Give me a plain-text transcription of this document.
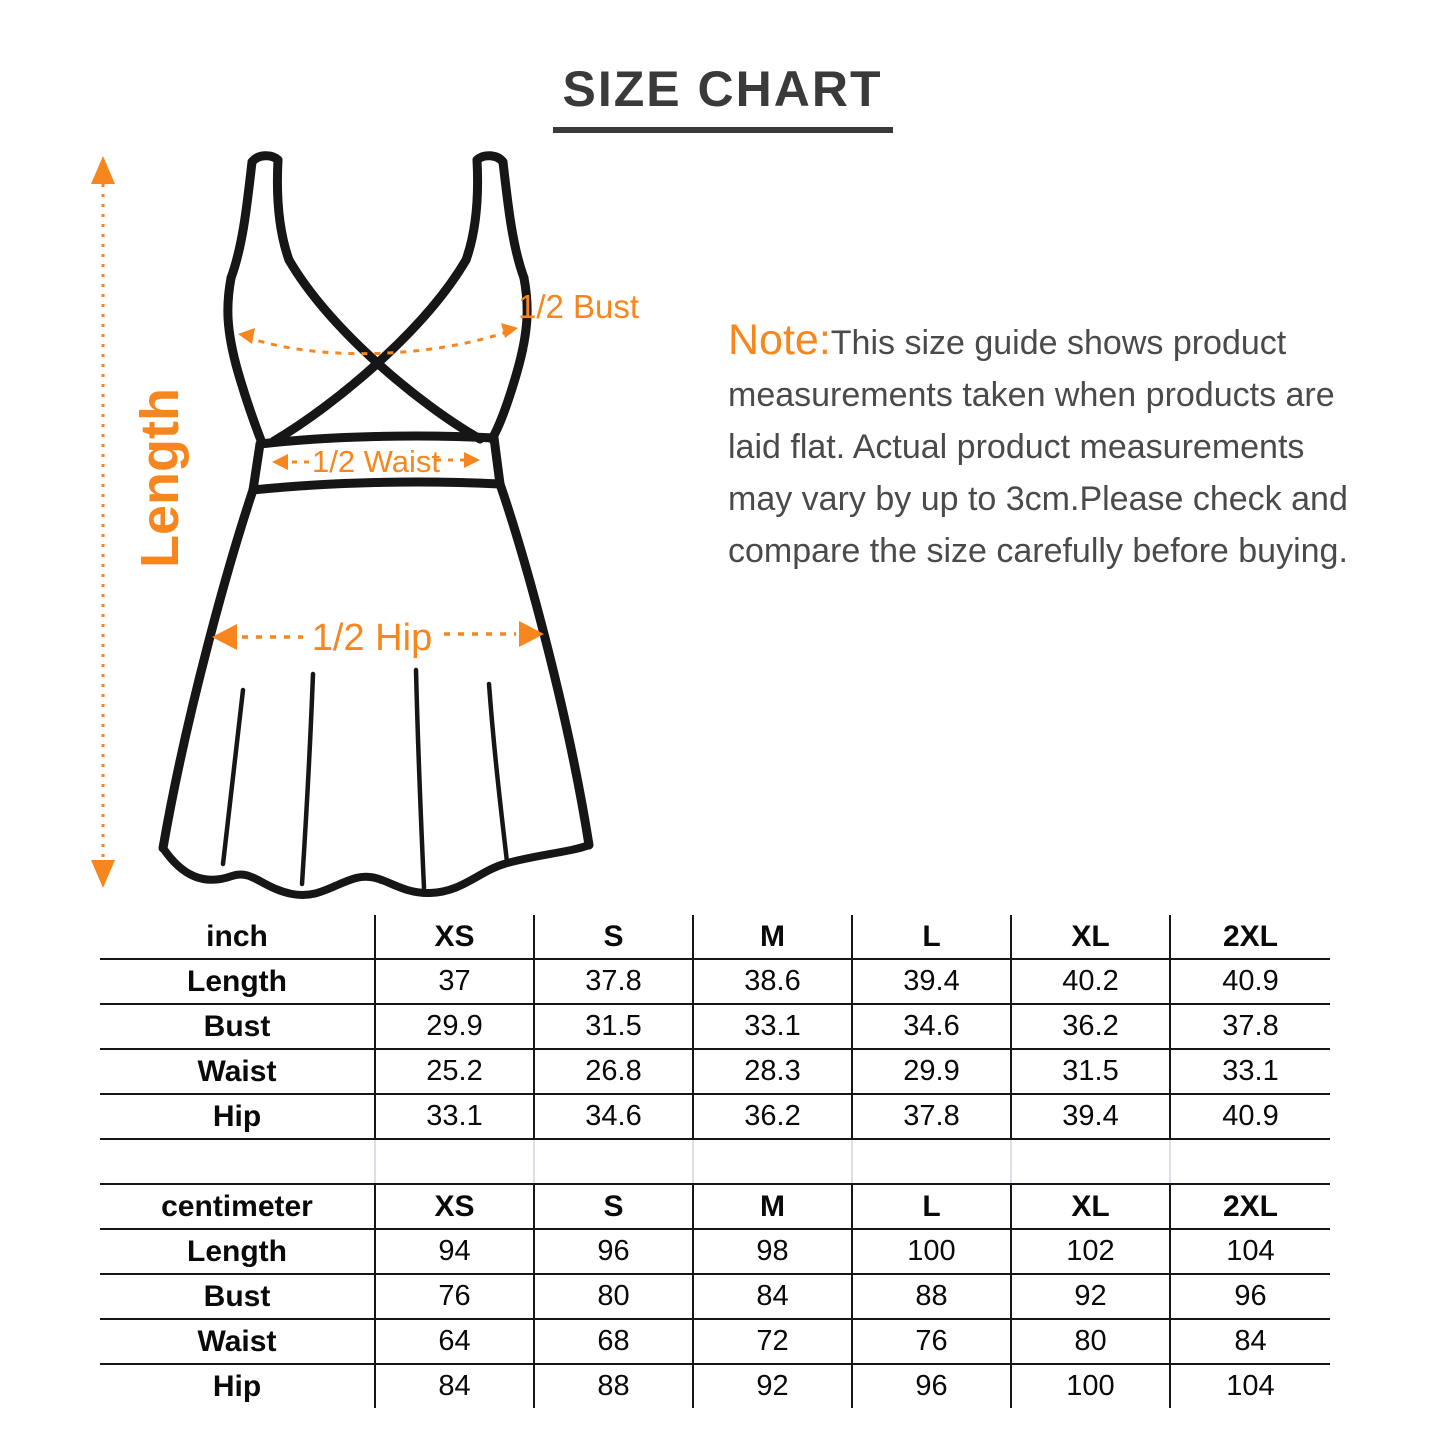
SIZE CHART
Length
1/2 Bust
1/2 Waist
1/2 Hip
Note:This size guide shows product
measurements taken when products are
laid flat. Actual product measurements
may vary by up to 3cm.Please check and
compare the size carefully before buying.
inch	XS	S	M	L	XL	2XL
Length	37	37.8	38.6	39.4	40.2	40.9
Bust	29.9	31.5	33.1	34.6	36.2	37.8
Waist	25.2	26.8	28.3	29.9	31.5	33.1
Hip	33.1	34.6	36.2	37.8	39.4	40.9

centimeter	XS	S	M	L	XL	2XL
Length	94	96	98	100	102	104
Bust	76	80	84	88	92	96
Waist	64	68	72	76	80	84
Hip	84	88	92	96	100	104
